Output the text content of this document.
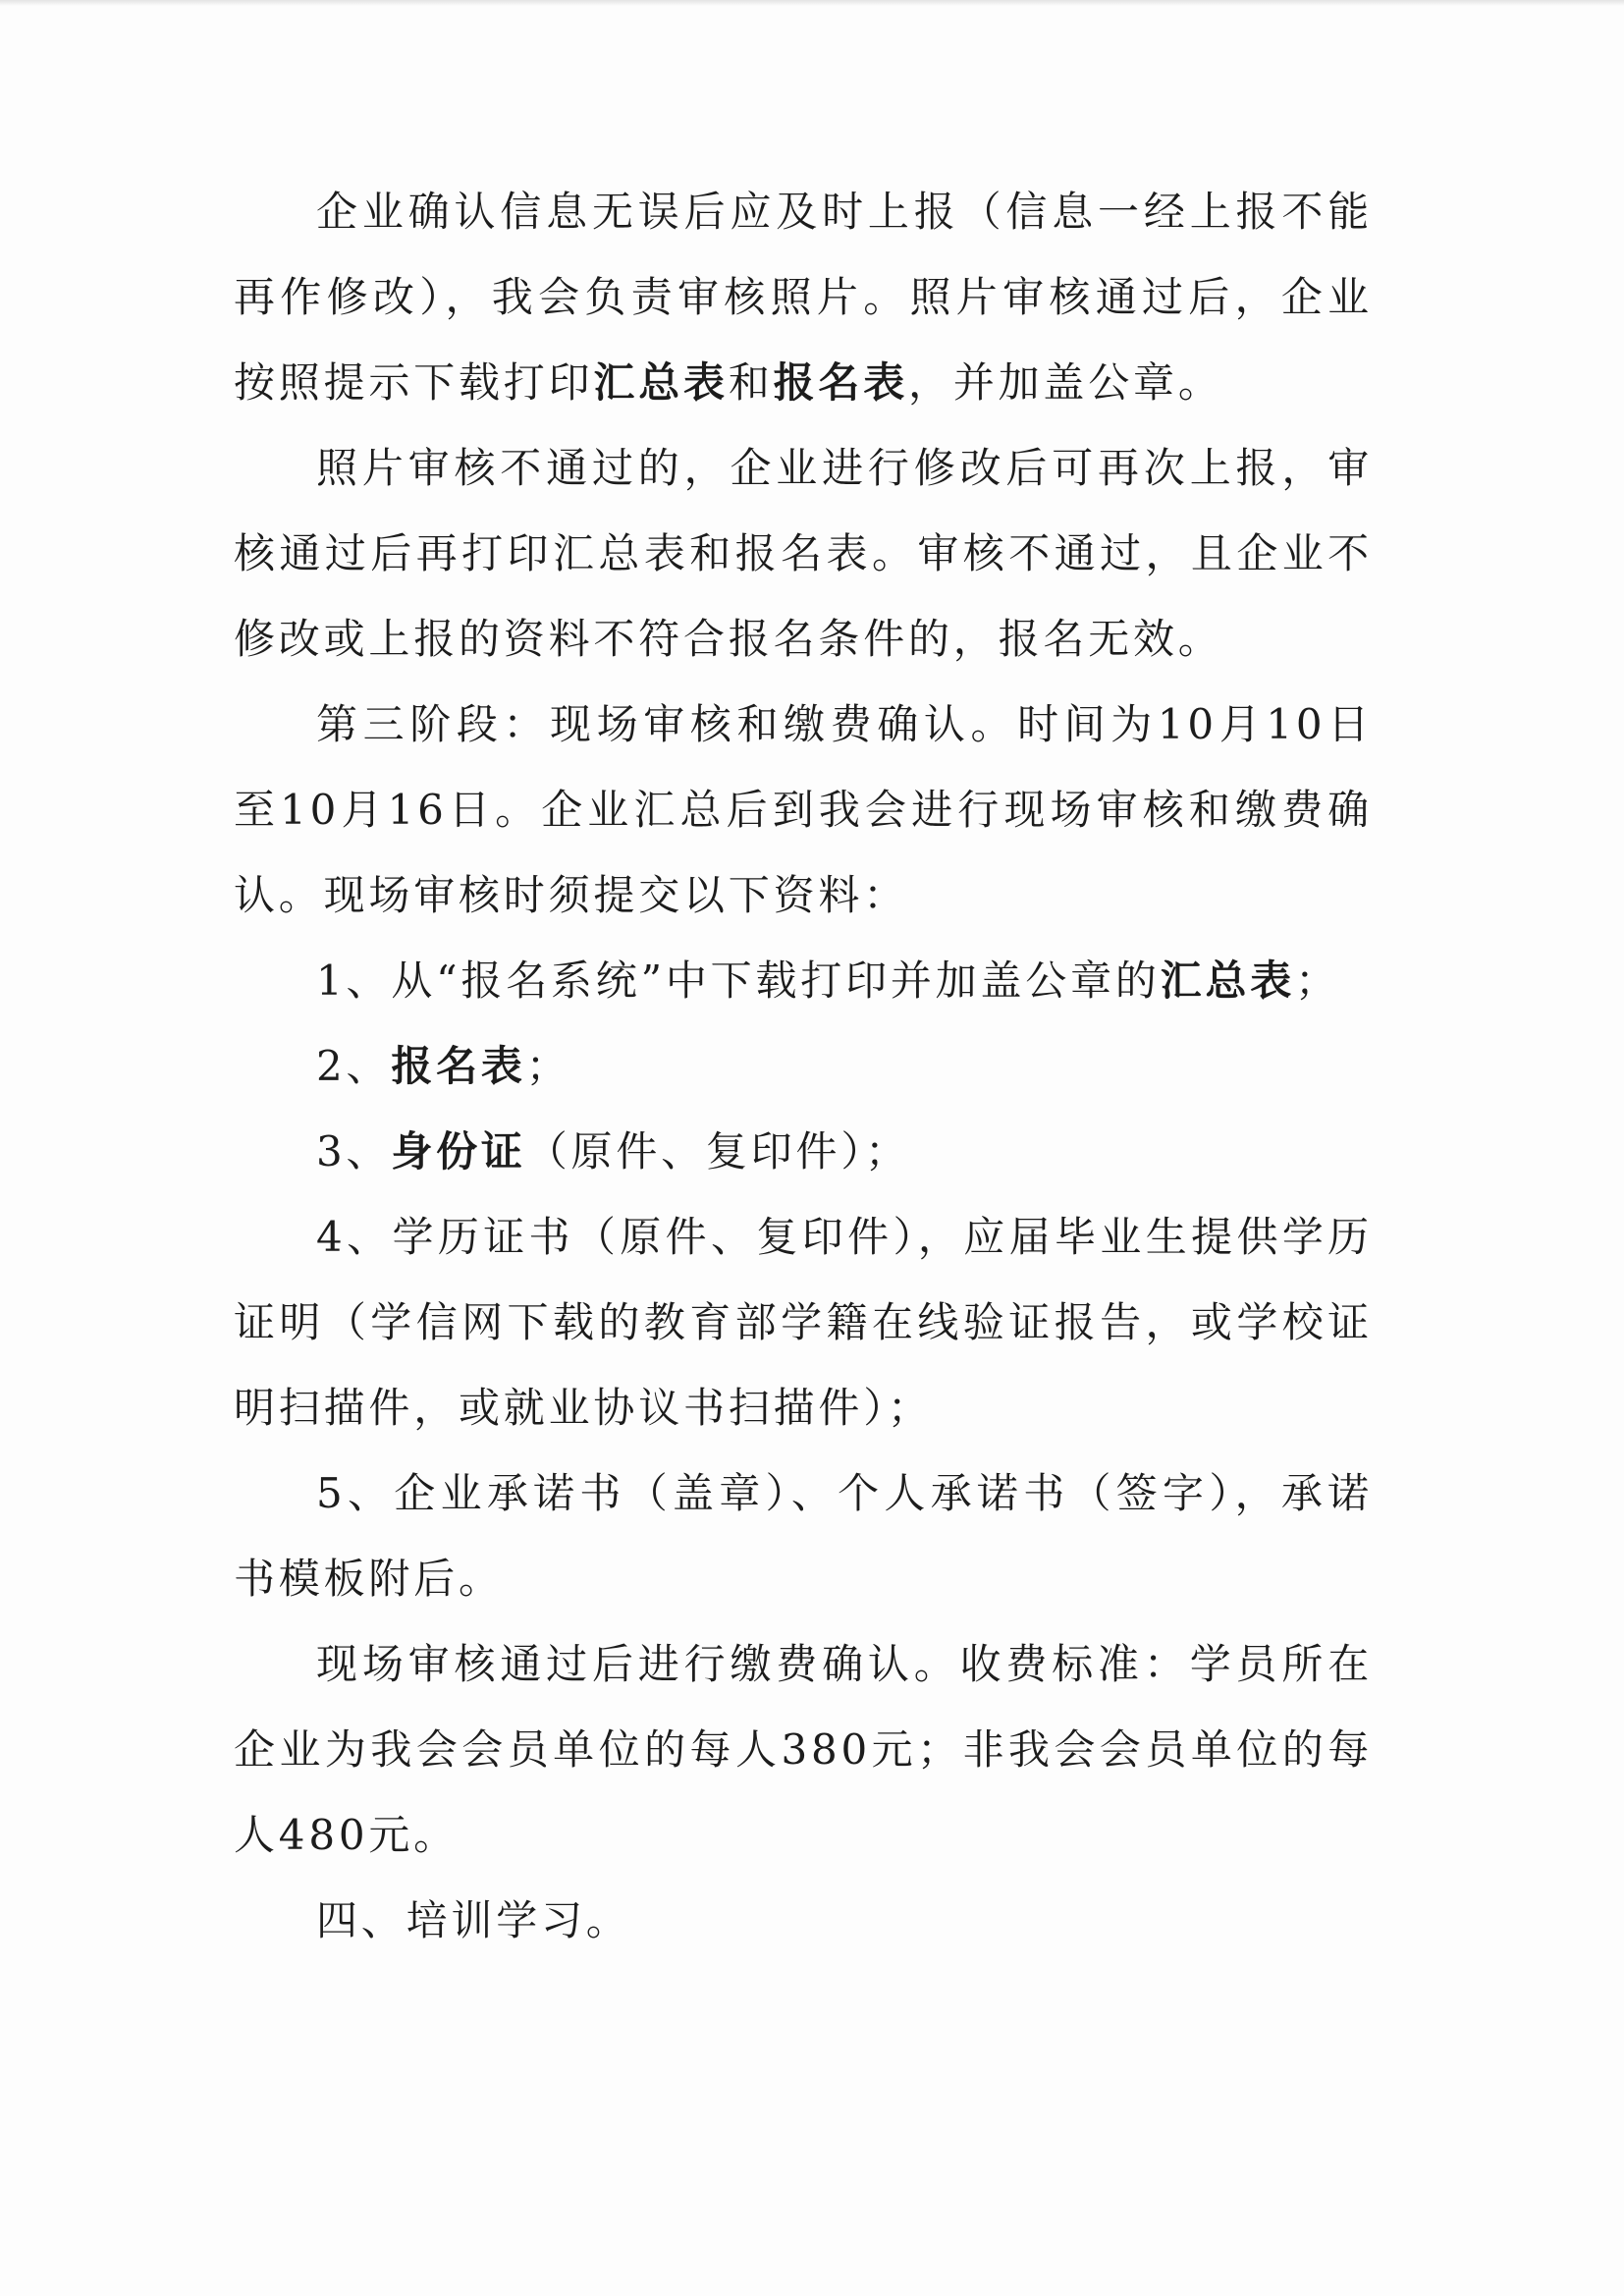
企业确认信息无误后应及时上报（信息一经上报不能再作修改），我会负责审核照片。照片审核通过后，企业按照提示下载打印汇总表和报名表，并加盖公章。

照片审核不通过的，企业进行修改后可再次上报，审核通过后再打印汇总表和报名表。审核不通过，且企业不修改或上报的资料不符合报名条件的，报名无效。

第三阶段：现场审核和缴费确认。时间为10月10日至10月16日。企业汇总后到我会进行现场审核和缴费确认。现场审核时须提交以下资料：

1、从“报名系统”中下载打印并加盖公章的汇总表；

2、报名表；

3、身份证（原件、复印件）；

4、学历证书（原件、复印件），应届毕业生提供学历证明（学信网下载的教育部学籍在线验证报告，或学校证明扫描件，或就业协议书扫描件）；

5、企业承诺书（盖章）、个人承诺书（签字），承诺书模板附后。

现场审核通过后进行缴费确认。收费标准：学员所在企业为我会会员单位的每人380元；非我会会员单位的每人480元。

四、培训学习。
